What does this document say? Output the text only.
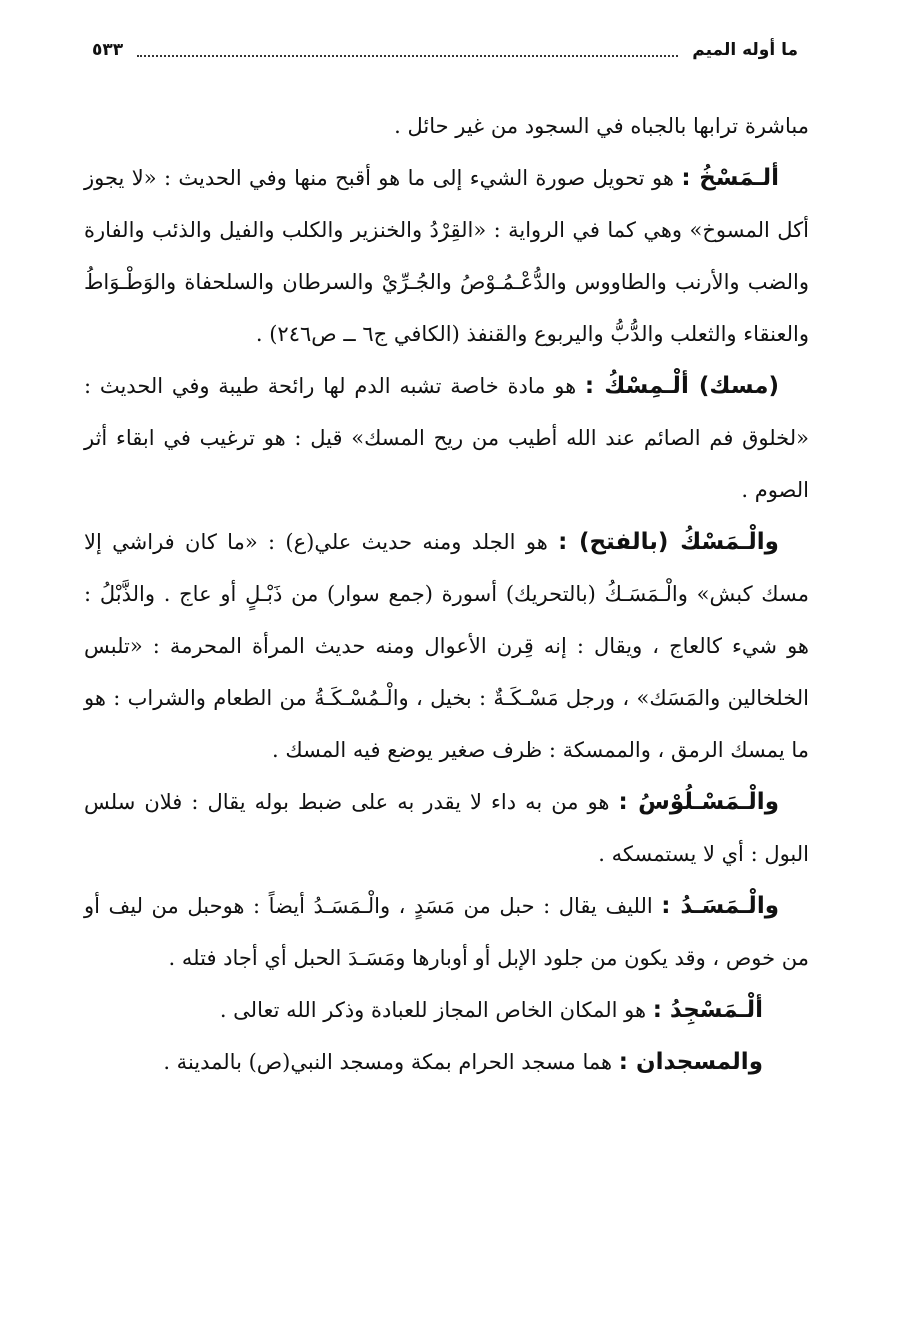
ما أوله الميم
٥٣٣

مباشرة ترابها بالجباه في السجود من غير حائل .

ألـمَسْخُ : هو تحويل صورة الشيء إلى ما هو أقبح منها وفي الحديث : «لا يجوز أكل المسوخ» وهي كما في الرواية : «القِرْدُ والخنزير والكلب والفيل والذئب والفارة والضب والأرنب والطاووس والدُّعْـمُـوْصُ والجُـرِّيْ والسرطان والسلحفاة والوَطْـوَاطُ والعنقاء والثعلب والدُّبُّ واليربوع والقنفذ (الكافي ج٦ ــ ص٢٤٦) .

(مسك) ألْـمِسْكُ : هو مادة خاصة تشبه الدم لها رائحة طيبة وفي الحديث : «لخلوق فم الصائم عند الله أطيب من ريح المسك» قيل : هو ترغيب في ابقاء أثر الصوم .

والْـمَسْكُ (بالفتح) : هو الجلد ومنه حديث علي(ع) : «ما كان فراشي إلا مسك كبش» والْـمَسَـكُ (بالتحريك) أسورة (جمع سوار) من ذَبْـلٍ أو عاج . والذَّبْلُ : هو شيء كالعاج ، ويقال : إنه قِرن الأعوال ومنه حديث المرأة المحرمة : «تلبس الخلخالين والمَسَك» ، ورجل مَسْـكَـةٌ : بخيل ، والْـمُسْـكَـةُ من الطعام والشراب : هو ما يمسك الرمق ، والممسكة : ظرف صغير يوضع فيه المسك .

والْـمَسْـلُوْسُ : هو من به داء لا يقدر به على ضبط بوله يقال : فلان سلس البول : أي لا يستمسكه .

والْـمَسَـدُ : الليف يقال : حبل من مَسَدٍ ، والْـمَسَـدُ أيضاً : هوحبل من ليف أو من خوص ، وقد يكون من جلود الإبل أو أوبارها ومَسَـدَ الحبل أي أجاد فتله .

ألْـمَسْجِدُ : هو المكان الخاص المجاز للعبادة وذكر الله تعالى .

والمسجدان : هما مسجد الحرام بمكة ومسجد النبي(ص) بالمدينة .
